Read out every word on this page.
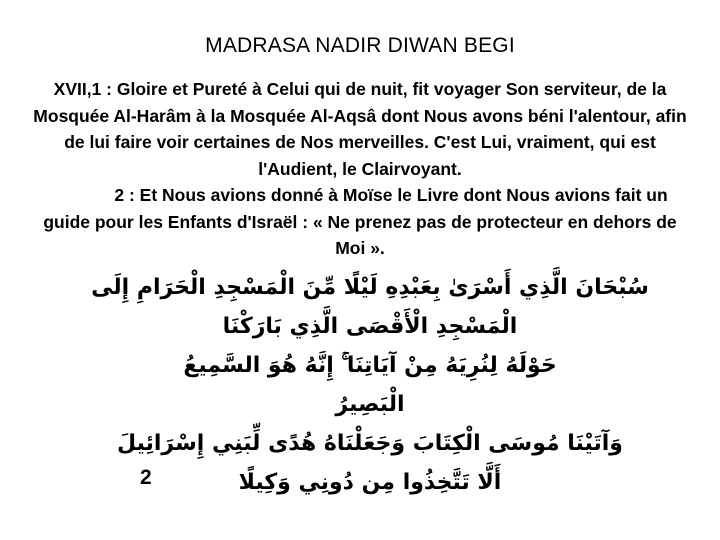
MADRASA NADIR DIWAN BEGI

XVII,1 : Gloire et Pureté à Celui qui de nuit, fit voyager Son serviteur, de la Mosquée Al-Harâm à la Mosquée Al-Aqsâ dont Nous avons béni l'alentour, afin de lui faire voir certaines de Nos merveilles. C'est Lui, vraiment, qui est l'Audient, le Clairvoyant.

2 : Et Nous avions donné à Moïse le Livre dont Nous avions fait un guide pour les Enfants d'Israël : « Ne prenez pas de protecteur en dehors de Moi ».

سُبْحَانَ الَّذِي أَسْرَىٰ بِعَبْدِهِ لَيْلًا مِّنَ الْمَسْجِدِ الْحَرَامِ إِلَى
الْمَسْجِدِ الْأَقْصَى الَّذِي بَارَكْنَا
حَوْلَهُ لِنُرِيَهُ مِنْ آيَاتِنَا ۚ إِنَّهُ هُوَ السَّمِيعُ
الْبَصِيرُ
وَآتَيْنَا مُوسَى الْكِتَابَ وَجَعَلْنَاهُ هُدًى لِّبَنِي إِسْرَائِيلَ
أَلَّا تَتَّخِذُوا مِن دُونِي وَكِيلًا
2
